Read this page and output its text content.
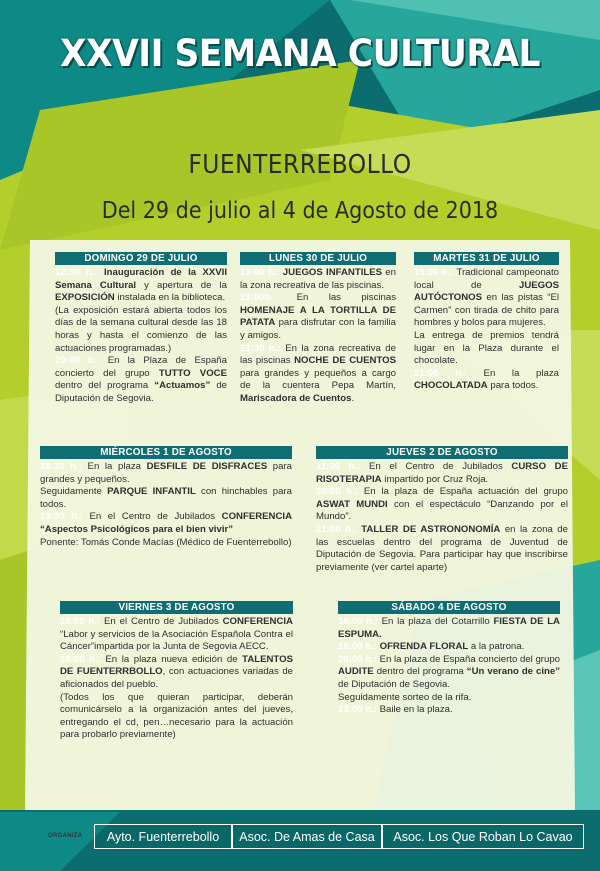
XXVII SEMANA CULTURAL
FUENTERREBOLLO
Del 29 de julio al 4 de Agosto de 2018
DOMINGO 29 DE JULIO

12:30 h.: Inauguración de la XXVII Semana Cultural y apertura de la EXPOSICIÓN instalada en la biblioteca.

(La exposición estará abierta todos los días de la semana cultural desde las 18 horas y hasta el comienzo de las actuaciones programadas.)

20:00 h.: En la Plaza de España concierto del grupo TUTTO VOCE dentro del programa “Actuamos” de Diputación de Segovia.

LUNES 30 DE JULIO

19:00 h.: JUEGOS INFANTILES en la zona recreativa de las piscinas.

21:00h.: En las piscinas HOMENAJE A LA TORTILLA DE PATATA para disfrutar con la familia y amigos.

21:30 h.: En la zona recreativa de las piscinas NOCHE DE CUENTOS para grandes y pequeños a cargo de la cuentera Pepa Martín, Mariscadora de Cuentos.

MARTES 31 DE JULIO

19:00 h.: Tradicional campeonato local de JUEGOS AUTÓCTONOS en las pistas “El Carmen” con tirada de chito para hombres y bolos para mujeres.

La entrega de premios tendrá lugar en la Plaza durante el chocolate.

21:00 h.: En la plaza CHOCOLATADA para todos.

MIÉRCOLES 1 DE AGOSTO

18:30 h.: En la plaza DESFILE DE DISFRACES para grandes y pequeños.

Seguidamente PARQUE INFANTIL con hinchables para todos.

19:30 h.: En el Centro de Jubilados CONFERENCIA “Aspectos Psicológicos para el bien vivir”

Ponente: Tomás Conde Macías (Médico de Fuenterrebollo)

JUEVES 2 DE AGOSTO

11:00 h.: En el Centro de Jubilados CURSO DE RISOTERAPIA impartido por Cruz Roja.

20:00 h.: En la plaza de España actuación del grupo ASWAT MUNDI con el espectáculo “Danzando por el Mundo”.

21:00 h.: TALLER DE ASTRONONOMÍA en la zona de las escuelas dentro del programa de Juventud de Diputación de Segovia. Para participar hay que inscribirse previamente (ver cartel aparte)

VIERNES 3 DE AGOSTO

18:00 h.: En el Centro de Jubilados CONFERENCIA “Labor y servicios de la Asociación Española Contra el Cáncer”impartida por la Junta de Segovia AECC.

19:00 h.: En la plaza nueva edición de TALENTOS DE FUENTERRBOLLO, con actuaciones variadas de aficionados del pueblo.

(Todos los que quieran participar, deberán comunicárselo a la organización antes del jueves, entregando el cd, pen…necesario para la actuación para probarlo previamente)

SÁBADO 4 DE AGOSTO

18:00 h.: En la plaza del Cotarrillo FIESTA DE LA ESPUMA.

19:00 h.: OFRENDA FLORAL a la patrona.

20:00 h.: En la plaza de España concierto del grupo AUDITE dentro del programa “Un verano de cine” de Diputación de Segovia.

Seguidamente sorteo de la rifa.

23:00 h.: Baile en la plaza.

ORGANIZA	Ayto. Fuenterrebollo	Asoc. De Amas de Casa	Asoc. Los Que Roban Lo Cavao
